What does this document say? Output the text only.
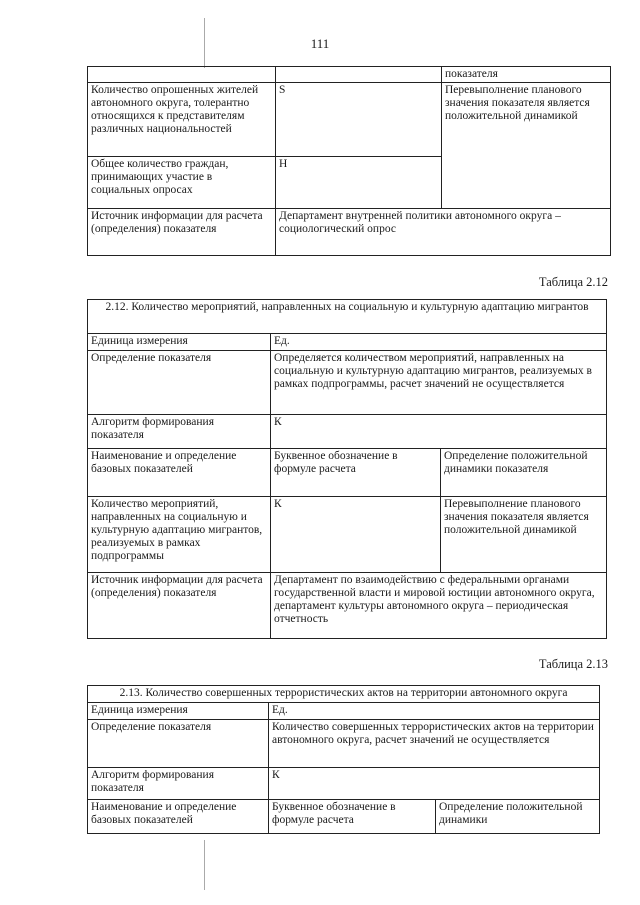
111
		показателя
Количество опрошенных жителей автономного округа, толерантно относящихся к представителям различных национальностей	S	Перевыполнение планового значения показателя является положительной динамикой
Общее количество граждан, принимающих участие в социальных опросах	Н	
Источник информации для расчета (определения) показателя	Департамент внутренней политики автономного округа – социологический опрос	
Таблица 2.12
2.12. Количество мероприятий, направленных на социальную и культурную адаптацию мигрантов		
Единица измерения	Ед.	
Определение показателя	Определяется количеством мероприятий, направленных на социальную и культурную адаптацию мигрантов, реализуемых в рамках подпрограммы, расчет значений не осуществляется	
Алгоритм формирования показателя	К	
Наименование и определение базовых показателей	Буквенное обозначение в формуле расчета	Определение положительной динамики показателя
Количество мероприятий, направленных на социальную и культурную адаптацию мигрантов, реализуемых в рамках подпрограммы	К	Перевыполнение планового значения показателя является положительной динамикой
Источник информации для расчета (определения) показателя	Департамент по взаимодействию с федеральными органами государственной власти и мировой юстиции автономного округа, департамент культуры автономного округа – периодическая отчетность	
Таблица 2.13
2.13. Количество совершенных террористических актов на территории автономного округа		
Единица измерения	Ед.	
Определение показателя	Количество совершенных террористических актов на территории автономного округа, расчет значений не осуществляется	
Алгоритм формирования показателя	К	
Наименование и определение базовых показателей	Буквенное обозначение в формуле расчета	Определение положительной динамики
